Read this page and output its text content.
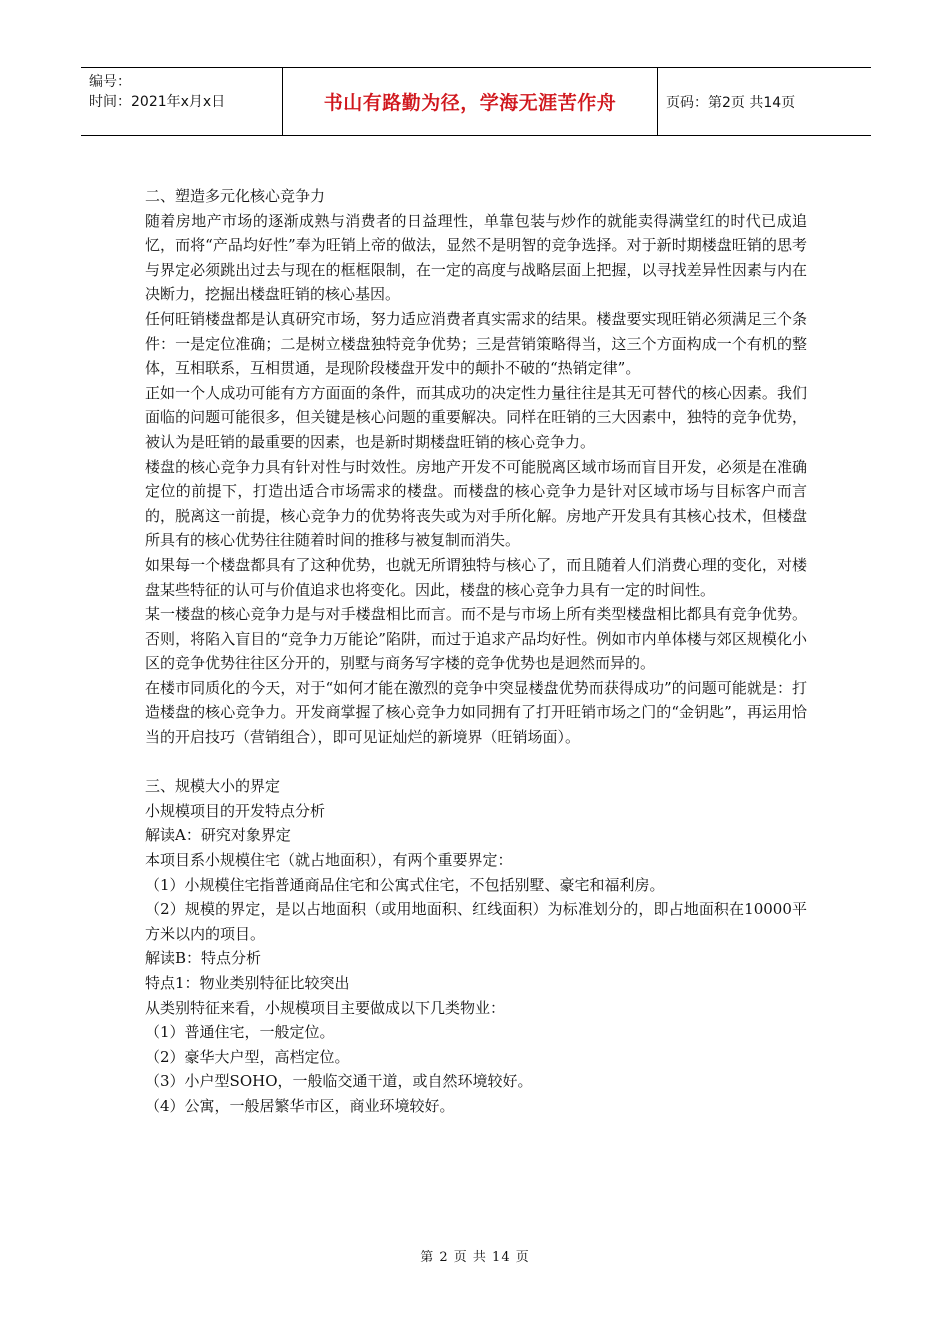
编号：
时间：2021年x月x日	书山有路勤为径，学海无涯苦作舟	页码：第2页 共14页

二、塑造多元化核心竞争力

随着房地产市场的逐渐成熟与消费者的日益理性，单靠包装与炒作的就能卖得满堂红的时代已成追忆，而将“产品均好性”奉为旺销上帝的做法，显然不是明智的竞争选择。对于新时期楼盘旺销的思考与界定必须跳出过去与现在的框框限制，在一定的高度与战略层面上把握，以寻找差异性因素与内在决断力，挖掘出楼盘旺销的核心基因。

任何旺销楼盘都是认真研究市场，努力适应消费者真实需求的结果。楼盘要实现旺销必须满足三个条件：一是定位准确；二是树立楼盘独特竞争优势；三是营销策略得当，这三个方面构成一个有机的整体，互相联系，互相贯通，是现阶段楼盘开发中的颠扑不破的“热销定律”。

正如一个人成功可能有方方面面的条件，而其成功的决定性力量往往是其无可替代的核心因素。我们面临的问题可能很多，但关键是核心问题的重要解决。同样在旺销的三大因素中，独特的竞争优势，被认为是旺销的最重要的因素，也是新时期楼盘旺销的核心竞争力。

楼盘的核心竞争力具有针对性与时效性。房地产开发不可能脱离区域市场而盲目开发，必须是在准确定位的前提下，打造出适合市场需求的楼盘。而楼盘的核心竞争力是针对区域市场与目标客户而言的，脱离这一前提，核心竞争力的优势将丧失或为对手所化解。房地产开发具有其核心技术，但楼盘所具有的核心优势往往随着时间的推移与被复制而消失。

如果每一个楼盘都具有了这种优势，也就无所谓独特与核心了，而且随着人们消费心理的变化，对楼盘某些特征的认可与价值追求也将变化。因此，楼盘的核心竞争力具有一定的时间性。

某一楼盘的核心竞争力是与对手楼盘相比而言。而不是与市场上所有类型楼盘相比都具有竞争优势。否则，将陷入盲目的“竞争力万能论”陷阱，而过于追求产品均好性。例如市内单体楼与郊区规模化小区的竞争优势往往区分开的，别墅与商务写字楼的竞争优势也是迥然而异的。

在楼市同质化的今天，对于“如何才能在激烈的竞争中突显楼盘优势而获得成功”的问题可能就是：打造楼盘的核心竞争力。开发商掌握了核心竞争力如同拥有了打开旺销市场之门的“金钥匙”，再运用恰当的开启技巧（营销组合），即可见证灿烂的新境界（旺销场面）。

三、规模大小的界定

小规模项目的开发特点分析

解读A：研究对象界定

本项目系小规模住宅（就占地面积），有两个重要界定：

（1）小规模住宅指普通商品住宅和公寓式住宅，不包括别墅、豪宅和福利房。

（2）规模的界定，是以占地面积（或用地面积、红线面积）为标准划分的，即占地面积在10000平方米以内的项目。

解读B：特点分析

特点1：物业类别特征比较突出

从类别特征来看，小规模项目主要做成以下几类物业：

（1）普通住宅，一般定位。

（2）豪华大户型，高档定位。

（3）小户型SOHO，一般临交通干道，或自然环境较好。

（4）公寓，一般居繁华市区，商业环境较好。

第 2 页 共 14 页
